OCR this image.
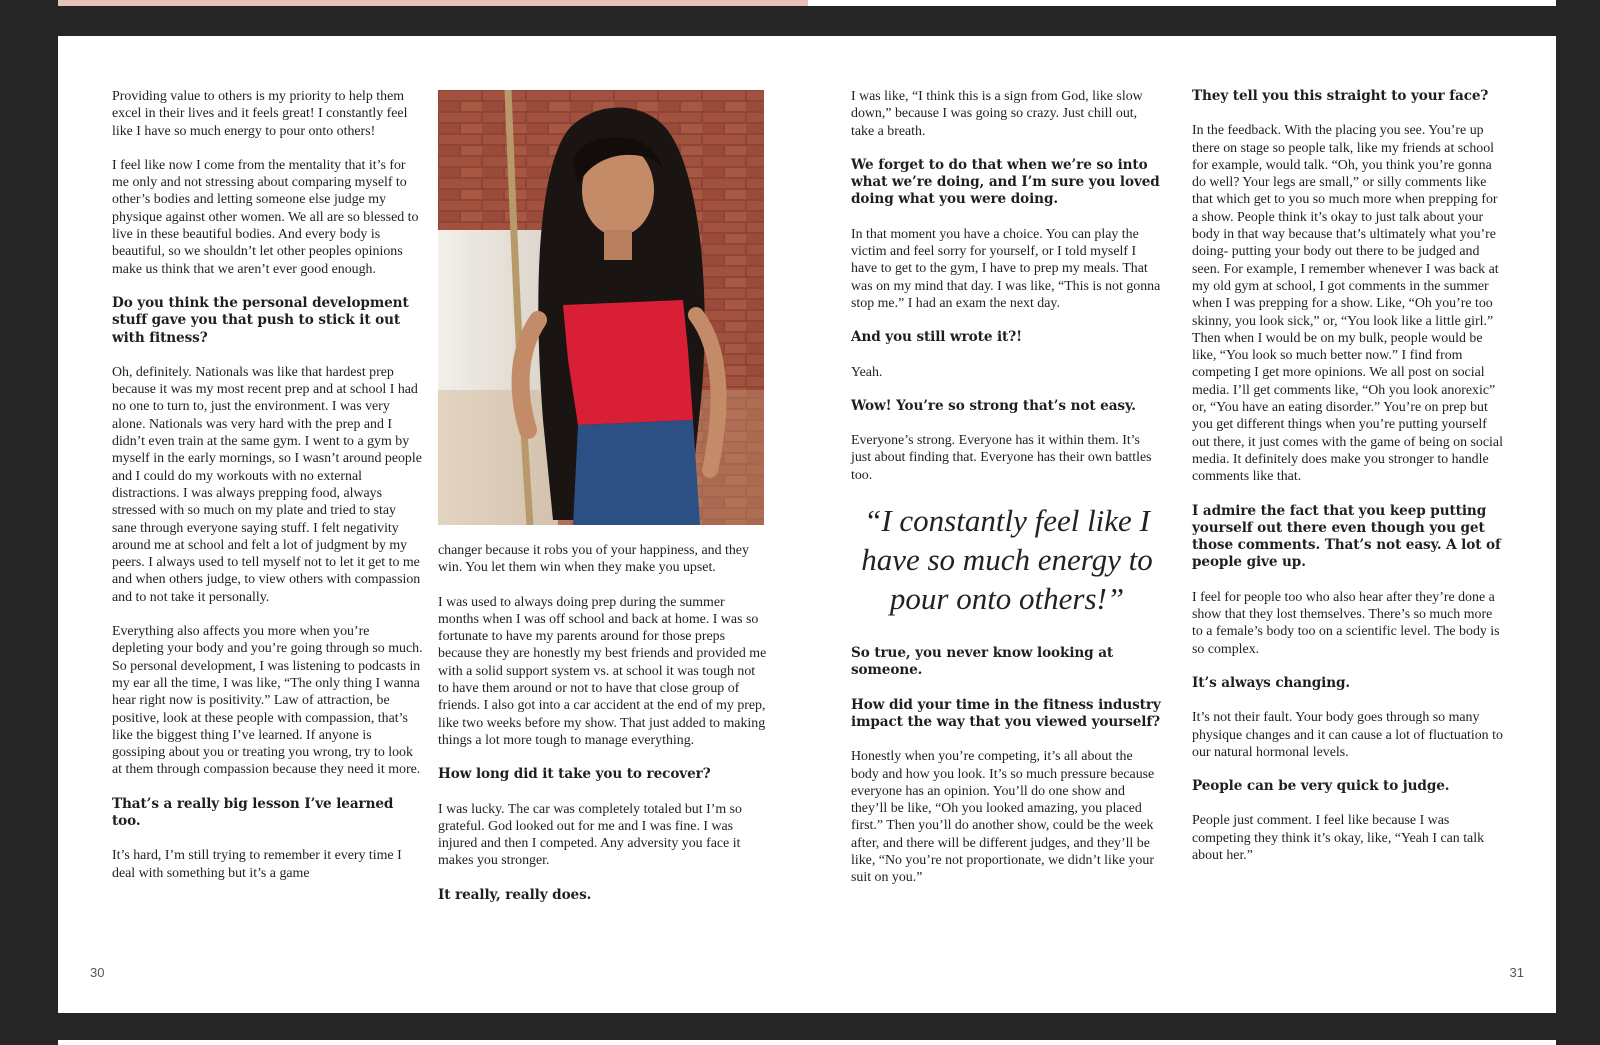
Providing value to others is my priority to help them excel in their lives and it feels great! I constantly feel like I have so much energy to pour onto others!

I feel like now I come from the mentality that it’s for me only and not stressing about comparing myself to other’s bodies and letting someone else judge my physique against other women. We all are so blessed to live in these beautiful bodies. And every body is beautiful, so we shouldn’t let other peoples opinions make us think that we aren’t ever good enough.

Do you think the personal development stuff gave you that push to stick it out with fitness?

Oh, definitely. Nationals was like that hardest prep because it was my most recent prep and at school I had no one to turn to, just the environment. I was very alone. Nationals was very hard with the prep and I didn’t even train at the same gym. I went to a gym by myself in the early mornings, so I wasn’t around people and I could do my workouts with no external distractions. I was always prepping food, always stressed with so much on my plate and tried to stay sane through everyone saying stuff. I felt negativity around me at school and felt a lot of judgment by my peers. I always used to tell myself not to let it get to me and when others judge, to view others with compassion and to not take it personally.

Everything also affects you more when you’re depleting your body and you’re going through so much. So personal development, I was listening to podcasts in my ear all the time, I was like, “The only thing I wanna hear right now is positivity.” Law of attraction, be positive, look at these people with compassion, that’s like the biggest thing I’ve learned. If anyone is gossiping about you or treating you wrong, try to look at them through compassion because they need it more.

That’s a really big lesson I’ve learned too.

It’s hard, I’m still trying to remember it every time I deal with something but it’s a game

changer because it robs you of your happiness, and they win. You let them win when they make you upset.

I was used to always doing prep during the summer months when I was off school and back at home. I was so fortunate to have my parents around for those preps because they are honestly my best friends and provided me with a solid support system vs. at school it was tough not to have them around or not to have that close group of friends. I also got into a car accident at the end of my prep, like two weeks before my show. That just added to making things a lot more tough to manage everything.

How long did it take you to recover?

I was lucky. The car was completely totaled but I’m so grateful. God looked out for me and I was fine. I was injured and then I competed. Any adversity you face it makes you stronger.

It really, really does.

I was like, “I think this is a sign from God, like slow down,” because I was going so crazy. Just chill out, take a breath.

We forget to do that when we’re so into what we’re doing, and I’m sure you loved doing what you were doing.

In that moment you have a choice. You can play the victim and feel sorry for yourself, or I told myself I have to get to the gym, I have to prep my meals. That was on my mind that day. I was like, “This is not gonna stop me.” I had an exam the next day.

And you still wrote it?!

Yeah.

Wow! You’re so strong that’s not easy.

Everyone’s strong. Everyone has it within them. It’s just about finding that. Everyone has their own battles too.

“I constantly feel like I have so much energy to pour onto others!”

So true, you never know looking at someone.

How did your time in the fitness industry impact the way that you viewed yourself?

Honestly when you’re competing, it’s all about the body and how you look. It’s so much pressure because everyone has an opinion. You’ll do one show and they’ll be like, “Oh you looked amazing, you placed first.” Then you’ll do another show, could be the week after, and there will be different judges, and they’ll be like, “No you’re not proportionate, we didn’t like your suit on you.”

They tell you this straight to your face?

In the feedback. With the placing you see. You’re up there on stage so people talk, like my friends at school for example, would talk. “Oh, you think you’re gonna do well? Your legs are small,” or silly comments like that which get to you so much more when prepping for a show. People think it’s okay to just talk about your body in that way because that’s ultimately what you’re doing- putting your body out there to be judged and seen. For example, I remember whenever I was back at my old gym at school, I got comments in the summer when I was prepping for a show. Like, “Oh you’re too skinny, you look sick,” or, “You look like a little girl.” Then when I would be on my bulk, people would be like, “You look so much better now.” I find from competing I get more opinions. We all post on social media. I’ll get comments like, “Oh you look anorexic” or, “You have an eating disorder.” You’re on prep but you get different things when you’re putting yourself out there, it just comes with the game of being on social media. It definitely does make you stronger to handle comments like that.

I admire the fact that you keep putting yourself out there even though you get those comments. That’s not easy. A lot of people give up.

I feel for people too who also hear after they’re done a show that they lost themselves. There’s so much more to a female’s body too on a scientific level. The body is so complex.

It’s always changing.

It’s not their fault. Your body goes through so many physique changes and it can cause a lot of fluctuation to our natural hormonal levels.

People can be very quick to judge.

People just comment. I feel like because I was competing they think it’s okay, like, “Yeah I can talk about her.”

30	31
